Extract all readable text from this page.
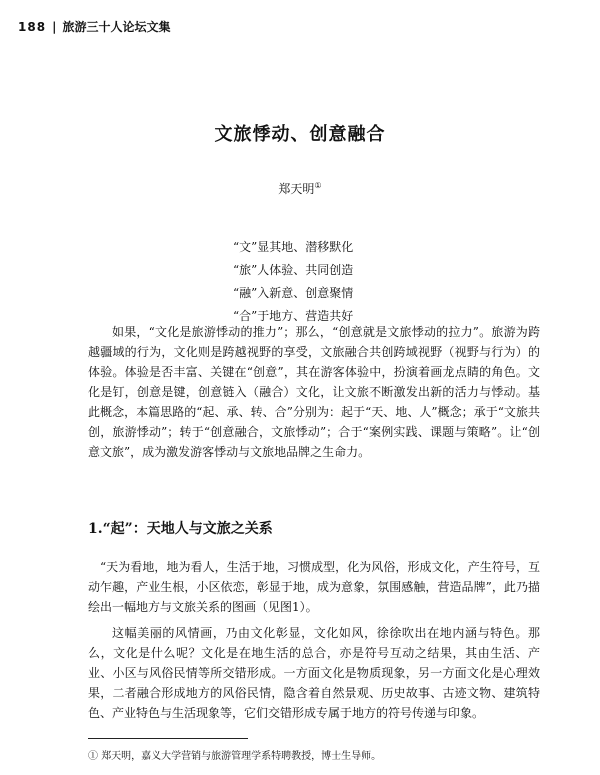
188 | 旅游三十人论坛文集
文旅悸动、创意融合
郑天明①
“文”显其地、潜移默化
“旅”人体验、共同创造
“融”入新意、创意聚情
“合”于地方、营造共好
如果，“文化是旅游悸动的推力”；那么，“创意就是文旅悸动的拉力”。旅游为跨越疆域的行为，文化则是跨越视野的享受，文旅融合共创跨域视野（视野与行为）的体验。体验是否丰富、关键在“创意”，其在游客体验中，扮演着画龙点睛的角色。文化是钉，创意是键，创意链入（融合）文化，让文旅不断激发出新的活力与悸动。基此概念，本篇思路的“起、承、转、合”分别为：起于“天、地、人”概念；承于“文旅共创，旅游悸动”；转于“创意融合，文旅悸动”；合于“案例实践、课题与策略”。让“创意文旅”，成为激发游客悸动与文旅地品牌之生命力。
1.“起”：天地人与文旅之关系
“天为看地，地为看人，生活于地，习惯成型，化为风俗，形成文化，产生符号，互动乍趣，产业生根，小区依恋，彰显于地，成为意象，氛围感触，营造品牌”，此乃描绘出一幅地方与文旅关系的图画（见图1）。
这幅美丽的风情画，乃由文化彰显，文化如风，徐徐吹出在地内涵与特色。那么，文化是什么呢？文化是在地生活的总合，亦是符号互动之结果，其由生活、产业、小区与风俗民情等所交错形成。一方面文化是物质现象，另一方面文化是心理效果，二者融合形成地方的风俗民情，隐含着自然景观、历史故事、古迹文物、建筑特色、产业特色与生活现象等，它们交错形成专属于地方的符号传递与印象。
① 郑天明，嘉义大学营销与旅游管理学系特聘教授，博士生导师。
